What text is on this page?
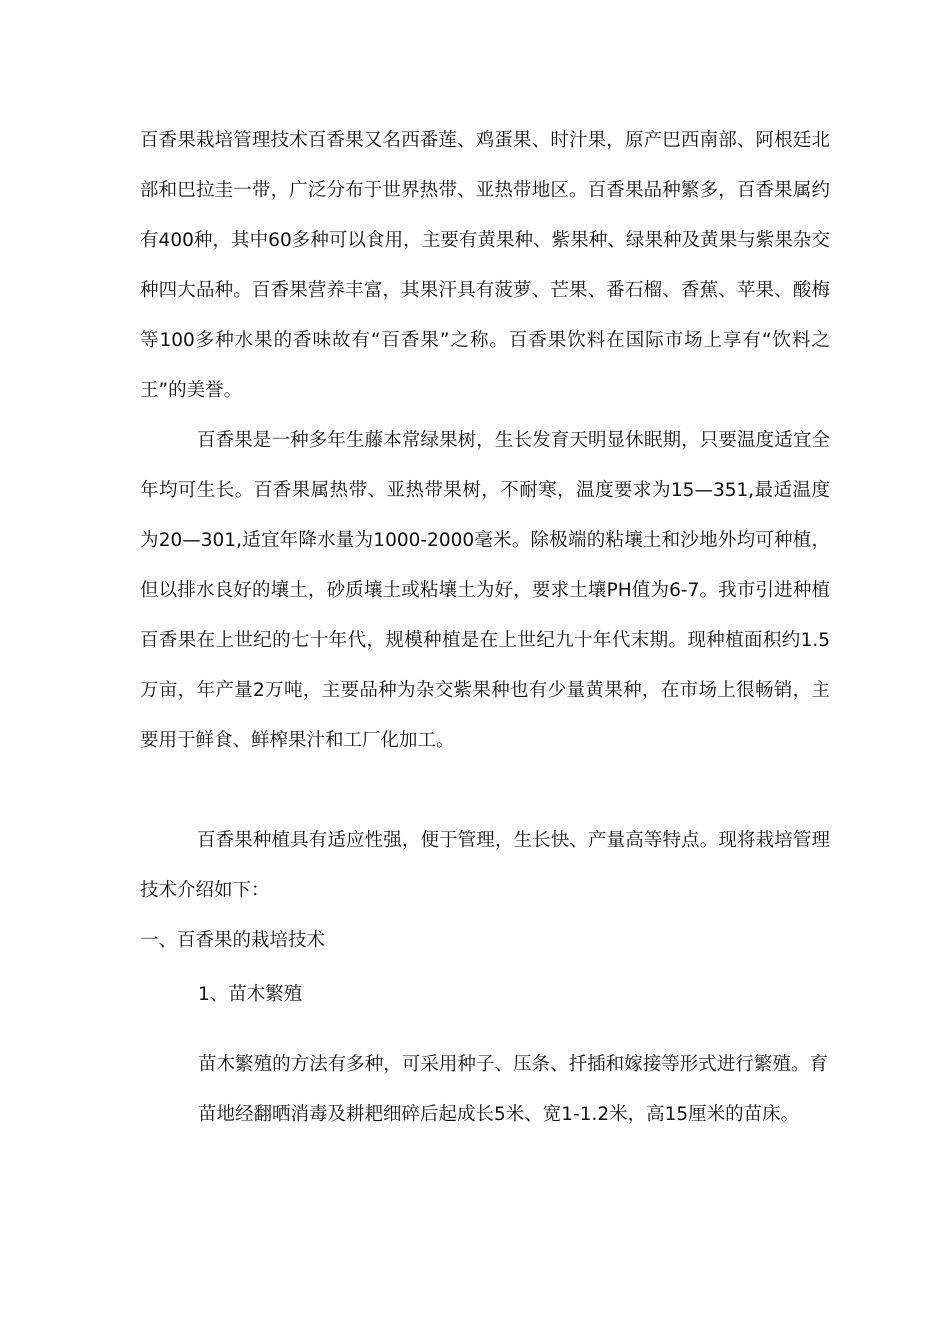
百香果栽培管理技术百香果又名西番莲、鸡蛋果、时汁果，原产巴西南部、阿根廷北部和巴拉圭一带，广泛分布于世界热带、亚热带地区。百香果品种繁多，百香果属约有400种，其中60多种可以食用，主要有黄果种、紫果种、绿果种及黄果与紫果杂交种四大品种。百香果营养丰富，其果汗具有菠萝、芒果、番石榴、香蕉、苹果、酸梅等100多种水果的香味故有“百香果”之称。百香果饮料在国际市场上享有“饮料之王”的美誉。

百香果是一种多年生藤本常绿果树，生长发育天明显休眠期，只要温度适宜全年均可生长。百香果属热带、亚热带果树，不耐寒，温度要求为15—351,最适温度为20—301,适宜年降水量为1000-2000毫米。除极端的粘壤土和沙地外均可种植，但以排水良好的壤土，砂质壤土或粘壤土为好，要求土壤PH值为6-7。我市引进种植百香果在上世纪的七十年代，规模种植是在上世纪九十年代末期。现种植面积约1.5万亩，年产量2万吨，主要品种为杂交紫果种也有少量黄果种，在市场上很畅销，主要用于鲜食、鲜榨果汁和工厂化加工。

百香果种植具有适应性强，便于管理，生长快、产量高等特点。现将栽培管理技术介绍如下：

一、百香果的栽培技术

1、苗木繁殖

苗木繁殖的方法有多种，可采用种子、压条、扦插和嫁接等形式进行繁殖。育苗地经翻晒消毒及耕耙细碎后起成长5米、宽1-1.2米，高15厘米的苗床。
